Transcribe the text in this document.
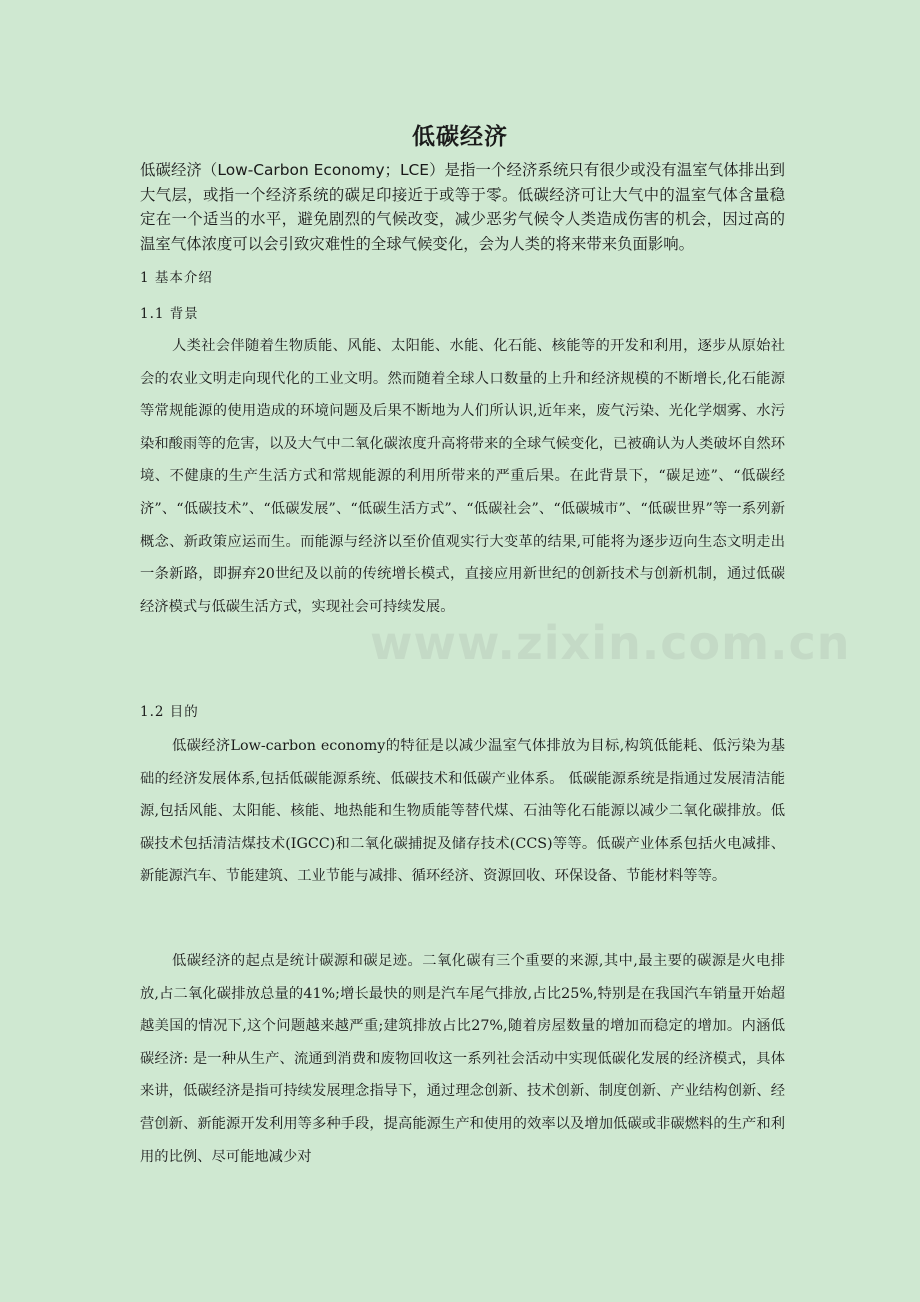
低碳经济
低碳经济（Low-Carbon Economy；LCE）是指一个经济系统只有很少或没有温室气体排出到大气层，或指一个经济系统的碳足印接近于或等于零。低碳经济可让大气中的温室气体含量稳定在一个适当的水平，避免剧烈的气候改变，减少恶劣气候令人类造成伤害的机会，因过高的温室气体浓度可以会引致灾难性的全球气候变化，会为人类的将来带来负面影响。
1 基本介绍
1.1 背景
人类社会伴随着生物质能、风能、太阳能、水能、化石能、核能等的开发和利用，逐步从原始社会的农业文明走向现代化的工业文明。然而随着全球人口数量的上升和经济规模的不断增长,化石能源等常规能源的使用造成的环境问题及后果不断地为人们所认识,近年来，废气污染、光化学烟雾、水污染和酸雨等的危害，以及大气中二氧化碳浓度升高将带来的全球气候变化，已被确认为人类破坏自然环境、不健康的生产生活方式和常规能源的利用所带来的严重后果。在此背景下，“碳足迹”、“低碳经济”、“低碳技术”、“低碳发展”、“低碳生活方式”、“低碳社会”、“低碳城市”、“低碳世界”等一系列新概念、新政策应运而生。而能源与经济以至价值观实行大变革的结果,可能将为逐步迈向生态文明走出一条新路，即摒弃20世纪及以前的传统增长模式，直接应用新世纪的创新技术与创新机制，通过低碳经济模式与低碳生活方式，实现社会可持续发展。
1.2 目的
低碳经济Low-carbon economy的特征是以减少温室气体排放为目标,构筑低能耗、低污染为基础的经济发展体系,包括低碳能源系统、低碳技术和低碳产业体系。 低碳能源系统是指通过发展清洁能源,包括风能、太阳能、核能、地热能和生物质能等替代煤、石油等化石能源以减少二氧化碳排放。低碳技术包括清洁煤技术(IGCC)和二氧化碳捕捉及储存技术(CCS)等等。低碳产业体系包括火电减排、新能源汽车、节能建筑、工业节能与减排、循环经济、资源回收、环保设备、节能材料等等。
低碳经济的起点是统计碳源和碳足迹。二氧化碳有三个重要的来源,其中,最主要的碳源是火电排放,占二氧化碳排放总量的41%;增长最快的则是汽车尾气排放,占比25%,特别是在我国汽车销量开始超越美国的情况下,这个问题越来越严重;建筑排放占比27%,随着房屋数量的增加而稳定的增加。内涵低碳经济: 是一种从生产、流通到消费和废物回收这一系列社会活动中实现低碳化发展的经济模式，具体来讲，低碳经济是指可持续发展理念指导下，通过理念创新、技术创新、制度创新、产业结构创新、经营创新、新能源开发利用等多种手段，提高能源生产和使用的效率以及增加低碳或非碳燃料的生产和利用的比例、尽可能地减少对
www.zixin.com.cn
